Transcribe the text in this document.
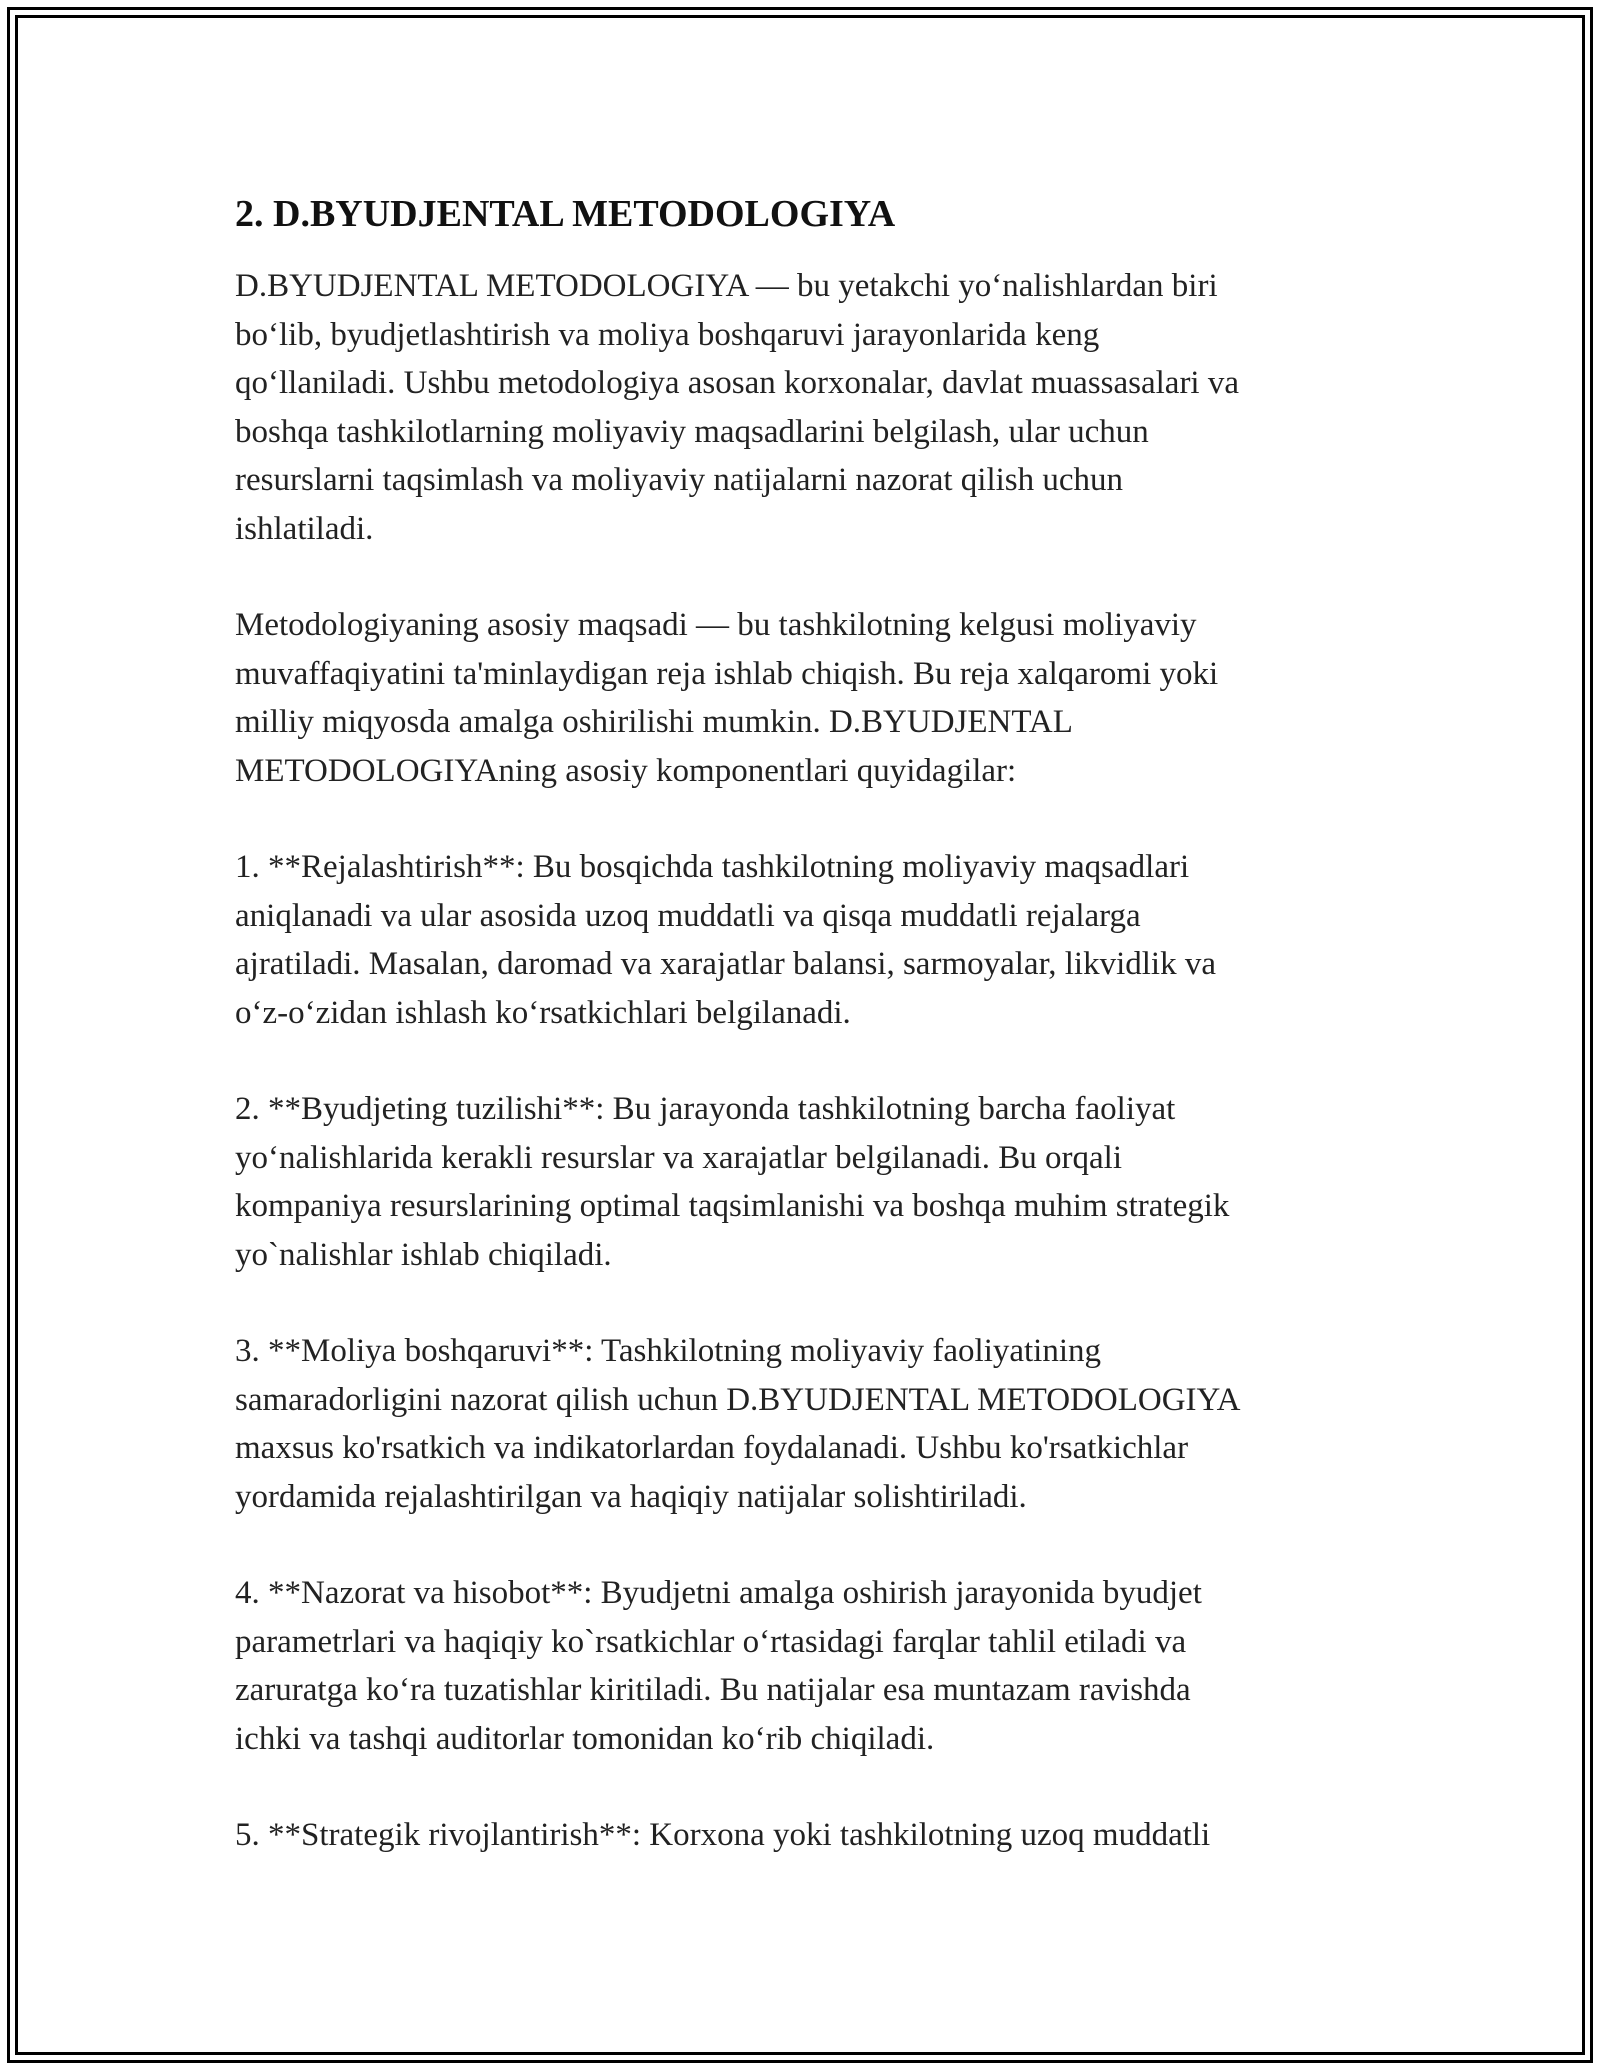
2. D.BYUDJENTAL METODOLOGIYA

D.BYUDJENTAL METODOLOGIYA — bu yetakchi yo‘nalishlardan biri
bo‘lib, byudjetlashtirish va moliya boshqaruvi jarayonlarida keng
qo‘llaniladi. Ushbu metodologiya asosan korxonalar, davlat muassasalari va
boshqa tashkilotlarning moliyaviy maqsadlarini belgilash, ular uchun
resurslarni taqsimlash va moliyaviy natijalarni nazorat qilish uchun
ishlatiladi.

Metodologiyaning asosiy maqsadi — bu tashkilotning kelgusi moliyaviy
muvaffaqiyatini ta'minlaydigan reja ishlab chiqish. Bu reja xalqaromi yoki
milliy miqyosda amalga oshirilishi mumkin. D.BYUDJENTAL
METODOLOGIYAning asosiy komponentlari quyidagilar:

1. **Rejalashtirish**: Bu bosqichda tashkilotning moliyaviy maqsadlari
aniqlanadi va ular asosida uzoq muddatli va qisqa muddatli rejalarga
ajratiladi. Masalan, daromad va xarajatlar balansi, sarmoyalar, likvidlik va
o‘z-o‘zidan ishlash ko‘rsatkichlari belgilanadi.

2. **Byudjeting tuzilishi**: Bu jarayonda tashkilotning barcha faoliyat
yo‘nalishlarida kerakli resurslar va xarajatlar belgilanadi. Bu orqali
kompaniya resurslarining optimal taqsimlanishi va boshqa muhim strategik
yo`nalishlar ishlab chiqiladi.

3. **Moliya boshqaruvi**: Tashkilotning moliyaviy faoliyatining
samaradorligini nazorat qilish uchun D.BYUDJENTAL METODOLOGIYA
maxsus ko'rsatkich va indikatorlardan foydalanadi. Ushbu ko'rsatkichlar
yordamida rejalashtirilgan va haqiqiy natijalar solishtiriladi.

4. **Nazorat va hisobot**: Byudjetni amalga oshirish jarayonida byudjet
parametrlari va haqiqiy ko`rsatkichlar o‘rtasidagi farqlar tahlil etiladi va
zaruratga ko‘ra tuzatishlar kiritiladi. Bu natijalar esa muntazam ravishda
ichki va tashqi auditorlar tomonidan ko‘rib chiqiladi.

5. **Strategik rivojlantirish**: Korxona yoki tashkilotning uzoq muddatli
